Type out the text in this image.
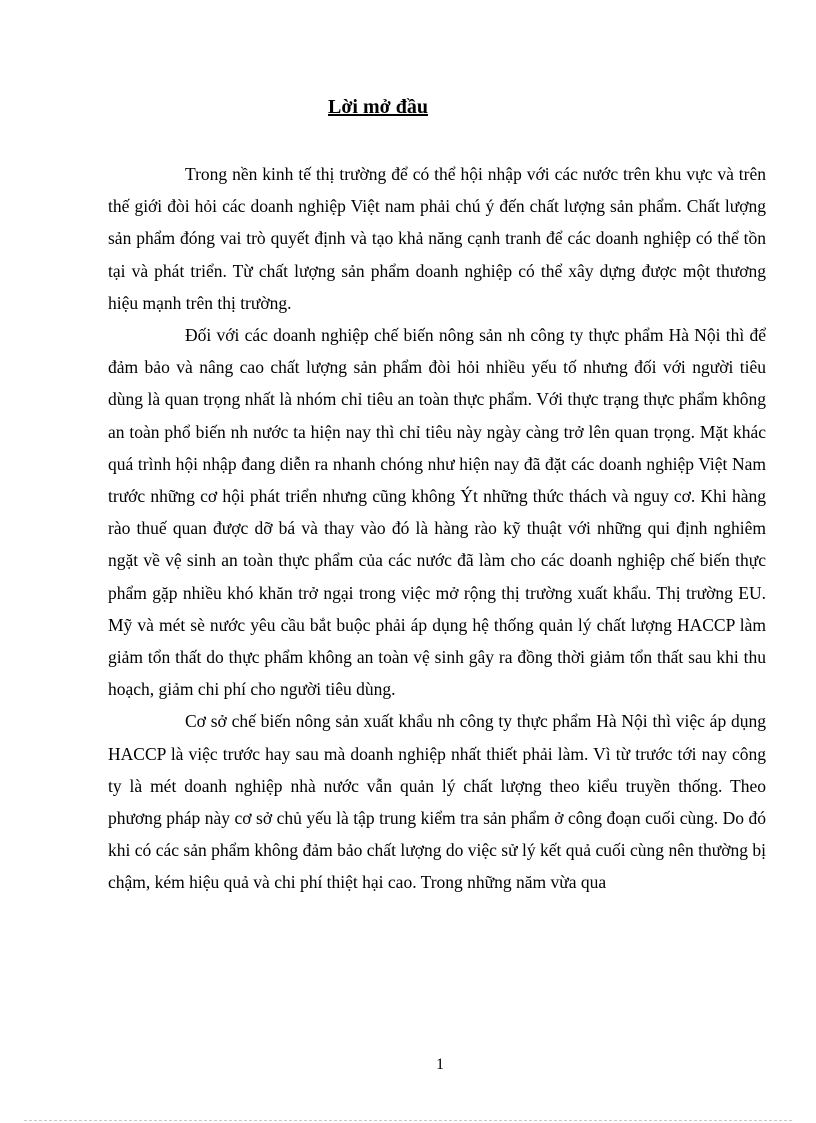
Lời mở đầu

Trong nền kinh tế thị trường để có thể hội nhập với các nước trên khu vực và trên thế giới đòi hỏi các doanh nghiệp Việt nam phải chú ý đến chất lượng sản phẩm. Chất lượng sản phẩm đóng vai trò quyết định và tạo khả năng cạnh tranh để các doanh nghiệp có thể tồn tại và phát triển. Từ chất lượng sản phẩm doanh nghiệp có thể xây dựng được một thương hiệu mạnh trên thị trường.

Đối với các doanh nghiệp chế biến nông sản nh công ty thực phẩm Hà Nội thì để đảm bảo và nâng cao chất lượng sản phẩm đòi hỏi nhiều yếu tố nhưng đối với người tiêu dùng là quan trọng nhất là nhóm chỉ tiêu an toàn thực phẩm. Với thực trạng thực phẩm không an toàn phổ biến nh nước ta hiện nay thì chỉ tiêu này ngày càng trở lên quan trọng. Mặt khác quá trình hội nhập đang diễn ra nhanh chóng như hiện nay đã đặt các doanh nghiệp Việt Nam trước những cơ hội phát triển nhưng cũng không Ýt những thức thách và nguy cơ. Khi hàng rào thuế quan được dỡ bá và thay vào đó là hàng rào kỹ thuật với những qui định nghiêm ngặt về vệ sinh an toàn thực phẩm của các nước đã làm cho các doanh nghiệp chế biến thực phẩm gặp nhiều khó khăn trở ngại trong việc mở rộng thị trường xuất khẩu. Thị trường EU. Mỹ và mét sè nước yêu cầu bắt buộc phải áp dụng hệ thống quản lý chất lượng HACCP làm giảm tổn thất do thực phẩm không an toàn vệ sinh gây ra đồng thời giảm tổn thất sau khi thu hoạch, giảm chi phí cho người tiêu dùng.

Cơ sở chế biến nông sản xuất khẩu nh công ty thực phẩm Hà Nội thì việc áp dụng HACCP là việc trước hay sau mà doanh nghiệp nhất thiết phải làm. Vì từ trước tới nay công ty là mét doanh nghiệp nhà nước vẫn quản lý chất lượng theo kiểu truyền thống. Theo phương pháp này cơ sở chủ yếu là tập trung kiểm tra sản phẩm ở công đoạn cuối cùng. Do đó khi có các sản phẩm không đảm bảo chất lượng do việc sử lý kết quả cuối cùng nên thường bị chậm, kém hiệu quả và chi phí thiệt hại cao. Trong những năm vừa qua

1
